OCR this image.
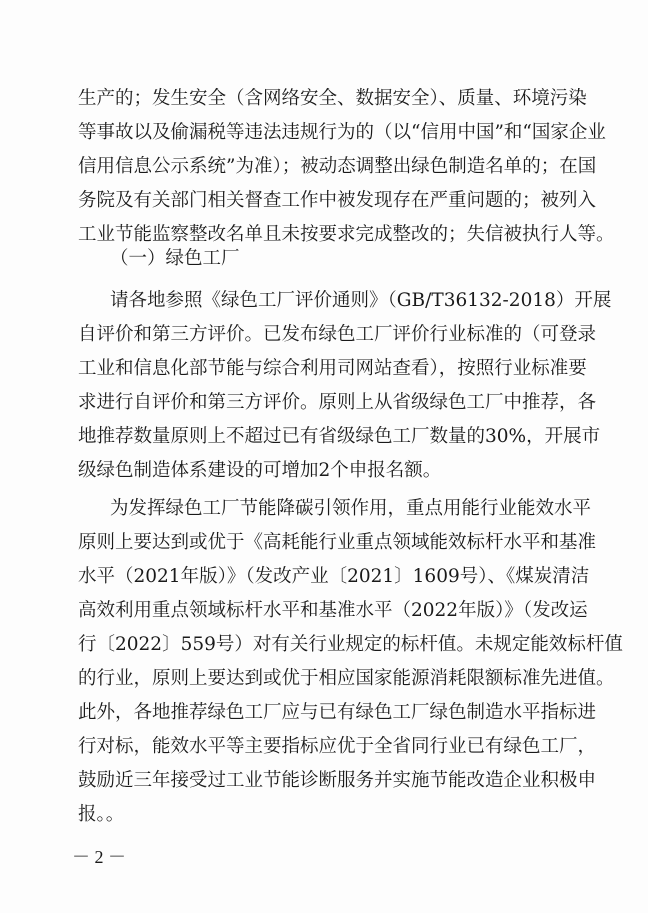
生产的；发生安全（含网络安全、数据安全）、质量、环境污染
等事故以及偷漏税等违法违规行为的（以“信用中国”和“国家企业
信用信息公示系统”为准）；被动态调整出绿色制造名单的；在国
务院及有关部门相关督查工作中被发现存在严重问题的；被列入
工业节能监察整改名单且未按要求完成整改的；失信被执行人等。
（一）绿色工厂
请各地参照《绿色工厂评价通则》（GB/T36132-2018）开展
自评价和第三方评价。已发布绿色工厂评价行业标准的（可登录
工业和信息化部节能与综合利用司网站查看），按照行业标准要
求进行自评价和第三方评价。原则上从省级绿色工厂中推荐，各
地推荐数量原则上不超过已有省级绿色工厂数量的30%，开展市
级绿色制造体系建设的可增加2个申报名额。
为发挥绿色工厂节能降碳引领作用，重点用能行业能效水平
原则上要达到或优于《高耗能行业重点领域能效标杆水平和基准
水平（2021年版）》（发改产业〔2021〕1609号）、《煤炭清洁
高效利用重点领域标杆水平和基准水平（2022年版）》（发改运
行〔2022〕559号）对有关行业规定的标杆值。未规定能效标杆值
的行业，原则上要达到或优于相应国家能源消耗限额标准先进值。
此外，各地推荐绿色工厂应与已有绿色工厂绿色制造水平指标进
行对标，能效水平等主要指标应优于全省同行业已有绿色工厂，
鼓励近三年接受过工业节能诊断服务并实施节能改造企业积极申
报。。
－ 2 －
